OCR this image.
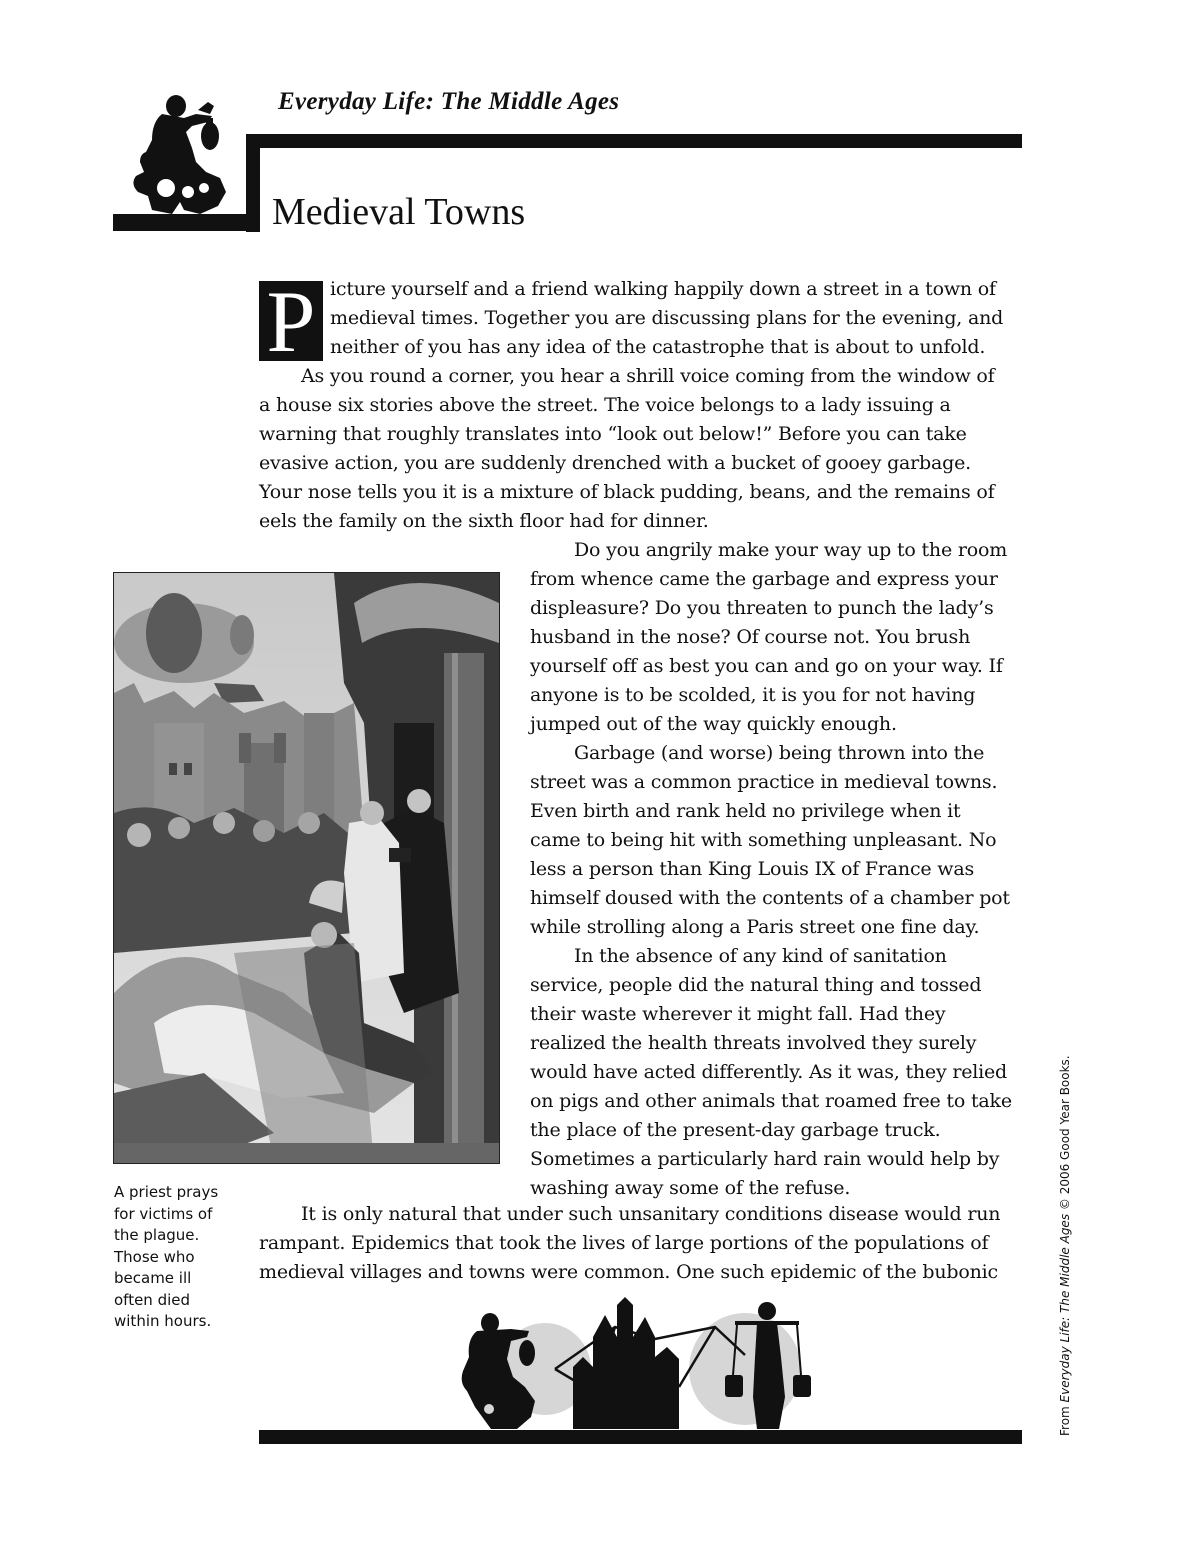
Everyday Life: The Middle Ages
Medieval Towns
P icture yourself and a friend walking happily down a street in a town of
medieval times. Together you are discussing plans for the evening, and
neither of you has any idea of the catastrophe that is about to unfold.
As you round a corner, you hear a shrill voice coming from the window of
a house six stories above the street. The voice belongs to a lady issuing a
warning that roughly translates into “look out below!” Before you can take
evasive action, you are suddenly drenched with a bucket of gooey garbage.
Your nose tells you it is a mixture of black pudding, beans, and the remains of
eels the family on the sixth floor had for dinner.
Do you angrily make your way up to the room
from whence came the garbage and express your
displeasure? Do you threaten to punch the lady’s
husband in the nose? Of course not. You brush
yourself off as best you can and go on your way. If
anyone is to be scolded, it is you for not having
jumped out of the way quickly enough.
Garbage (and worse) being thrown into the
street was a common practice in medieval towns.
Even birth and rank held no privilege when it
came to being hit with something unpleasant. No
less a person than King Louis IX of France was
himself doused with the contents of a chamber pot
while strolling along a Paris street one fine day.
In the absence of any kind of sanitation
service, people did the natural thing and tossed
their waste wherever it might fall. Had they
realized the health threats involved they surely
would have acted differently. As it was, they relied
on pigs and other animals that roamed free to take
the place of the present-day garbage truck.
Sometimes a particularly hard rain would help by
washing away some of the refuse.
It is only natural that under such unsanitary conditions disease would run
rampant. Epidemics that took the lives of large portions of the populations of
medieval villages and towns were common. One such epidemic of the bubonic
A priest prays
for victims of
the plague.
Those who
became ill
often died
within hours.
From Everyday Life: The Middle Ages © 2006 Good Year Books.
